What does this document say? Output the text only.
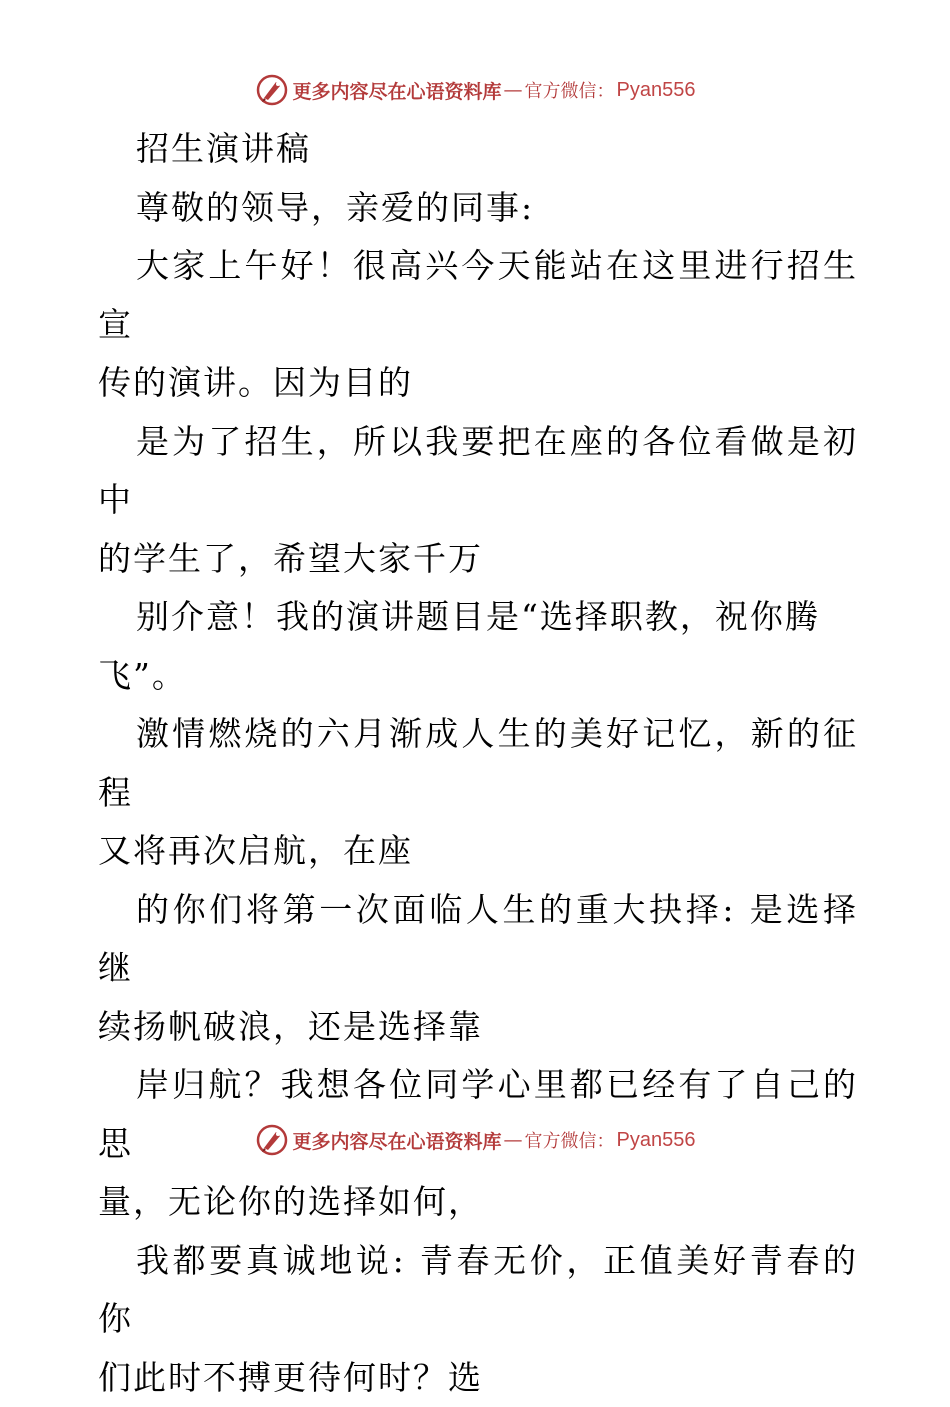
更多内容尽在心语资料库 — 官方微信： Pyan556

招生演讲稿

尊敬的领导，亲爱的同事:

大家上午好！很高兴今天能站在这里进行招生宣
传的演讲。因为目的

是为了招生，所以我要把在座的各位看做是初中
的学生了，希望大家千万

别介意！我的演讲题目是“选择职教，祝你腾
飞”。

激情燃烧的六月渐成人生的美好记忆，新的征程
又将再次启航，在座

的你们将第一次面临人生的重大抉择: 是选择继
续扬帆破浪，还是选择靠

岸归航？我想各位同学心里都已经有了自己的思
量，无论你的选择如何，

我都要真诚地说: 青春无价，正值美好青春的你
们此时不搏更待何时？选

更多内容尽在心语资料库 — 官方微信： Pyan556
